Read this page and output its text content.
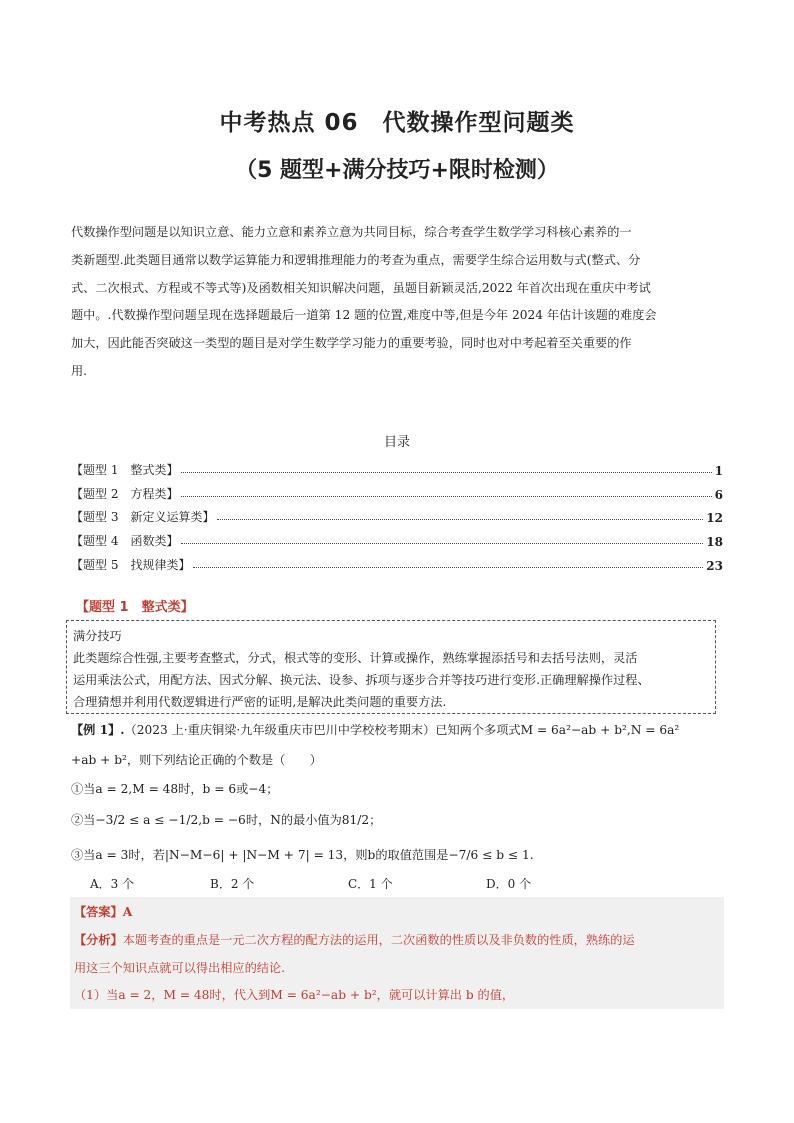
中考热点 06　代数操作型问题类
（5 题型+满分技巧+限时检测）
代数操作型问题是以知识立意、能力立意和素养立意为共同目标，综合考查学生数学学习科核心素养的一
类新题型.此类题目通常以数学运算能力和逻辑推理能力的考查为重点，需要学生综合运用数与式(整式、分
式、二次根式、方程或不等式等)及函数相关知识解决问题，虽题目新颖灵活,2022 年首次出现在重庆中考试
题中。.代数操作型问题呈现在选择题最后一道第 12 题的位置,难度中等,但是今年 2024 年估计该题的难度会
加大，因此能否突破这一类型的题目是对学生数学学习能力的重要考验，同时也对中考起着至关重要的作
用.
目录
【题型 1　整式类】	1
【题型 2　方程类】	6
【题型 3　新定义运算类】	12
【题型 4　函数类】	18
【题型 5　找规律类】	23
【题型 1　整式类】
满分技巧
此类题综合性强,主要考查整式，分式，根式等的变形、计算或操作，熟练掌握添括号和去括号法则，灵活
运用乘法公式，用配方法、因式分解、换元法、设参、拆项与逐步合并等技巧进行变形.正确理解操作过程、
合理猜想并利用代数逻辑进行严密的证明,是解决此类问题的重要方法.
【例 1】.（2023 上·重庆铜梁·九年级重庆市巴川中学校校考期末）已知两个多项式M = 6a²−ab + b²,N = 6a²
+ab + b²，则下列结论正确的个数是（　　）
①当a = 2,M = 48时，b = 6或−4；
②当−3/2 ≤ a ≤ −1/2,b = −6时，N的最小值为81/2；
③当a = 3时，若|N−M−6| + |N−M + 7| = 13，则b的取值范围是−7/6 ≤ b ≤ 1.
A．3 个	B．2 个	C．1 个	D．0 个
【答案】A
【分析】本题考查的重点是一元二次方程的配方法的运用，二次函数的性质以及非负数的性质，熟练的运
用这三个知识点就可以得出相应的结论.
（1）当a = 2，M = 48时，代入到M = 6a²−ab + b²，就可以计算出 b 的值，
